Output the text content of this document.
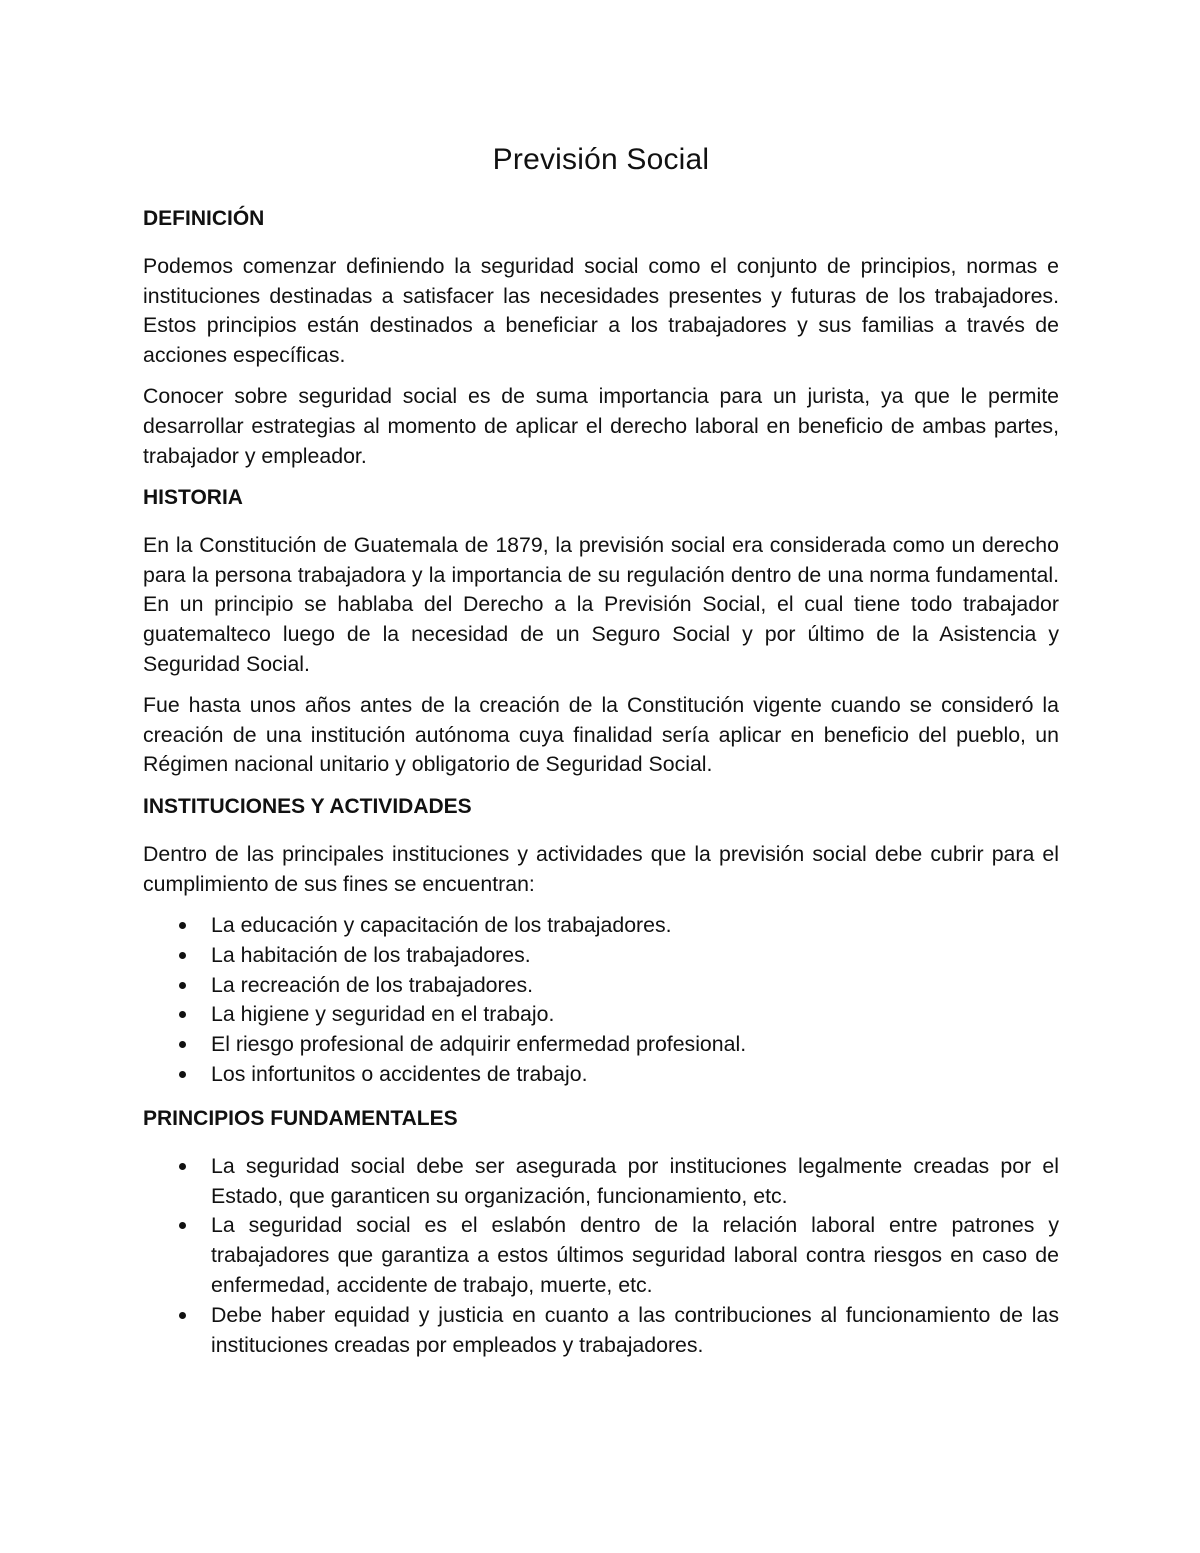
Previsión Social
DEFINICIÓN

Podemos comenzar definiendo la seguridad social como el conjunto de principios, normas e instituciones destinadas a satisfacer las necesidades presentes y futuras de los trabajadores. Estos principios están destinados a beneficiar a los trabajadores y sus familias a través de acciones específicas.

Conocer sobre seguridad social es de suma importancia para un jurista, ya que le permite desarrollar estrategias al momento de aplicar el derecho laboral en beneficio de ambas partes, trabajador y empleador.

HISTORIA

En la Constitución de Guatemala de 1879, la previsión social era considerada como un derecho para la persona trabajadora y la importancia de su regulación dentro de una norma fundamental. En un principio se hablaba del Derecho a la Previsión Social, el cual tiene todo trabajador guatemalteco luego de la necesidad de un Seguro Social y por último de la Asistencia y Seguridad Social.

Fue hasta unos años antes de la creación de la Constitución vigente cuando se consideró la creación de una institución autónoma cuya finalidad sería aplicar en beneficio del pueblo, un Régimen nacional unitario y obligatorio de Seguridad Social.

INSTITUCIONES Y ACTIVIDADES

Dentro de las principales instituciones y actividades que la previsión social debe cubrir para el cumplimiento de sus fines se encuentran:

La educación y capacitación de los trabajadores.
La habitación de los trabajadores.
La recreación de los trabajadores.
La higiene y seguridad en el trabajo.
El riesgo profesional de adquirir enfermedad profesional.
Los infortunitos o accidentes de trabajo.
PRINCIPIOS FUNDAMENTALES
La seguridad social debe ser asegurada por instituciones legalmente creadas por el Estado, que garanticen su organización, funcionamiento, etc.
La seguridad social es el eslabón dentro de la relación laboral entre patrones y trabajadores que garantiza a estos últimos seguridad laboral contra riesgos en caso de enfermedad, accidente de trabajo, muerte, etc.
Debe haber equidad y justicia en cuanto a las contribuciones al funcionamiento de las instituciones creadas por empleados y trabajadores.
